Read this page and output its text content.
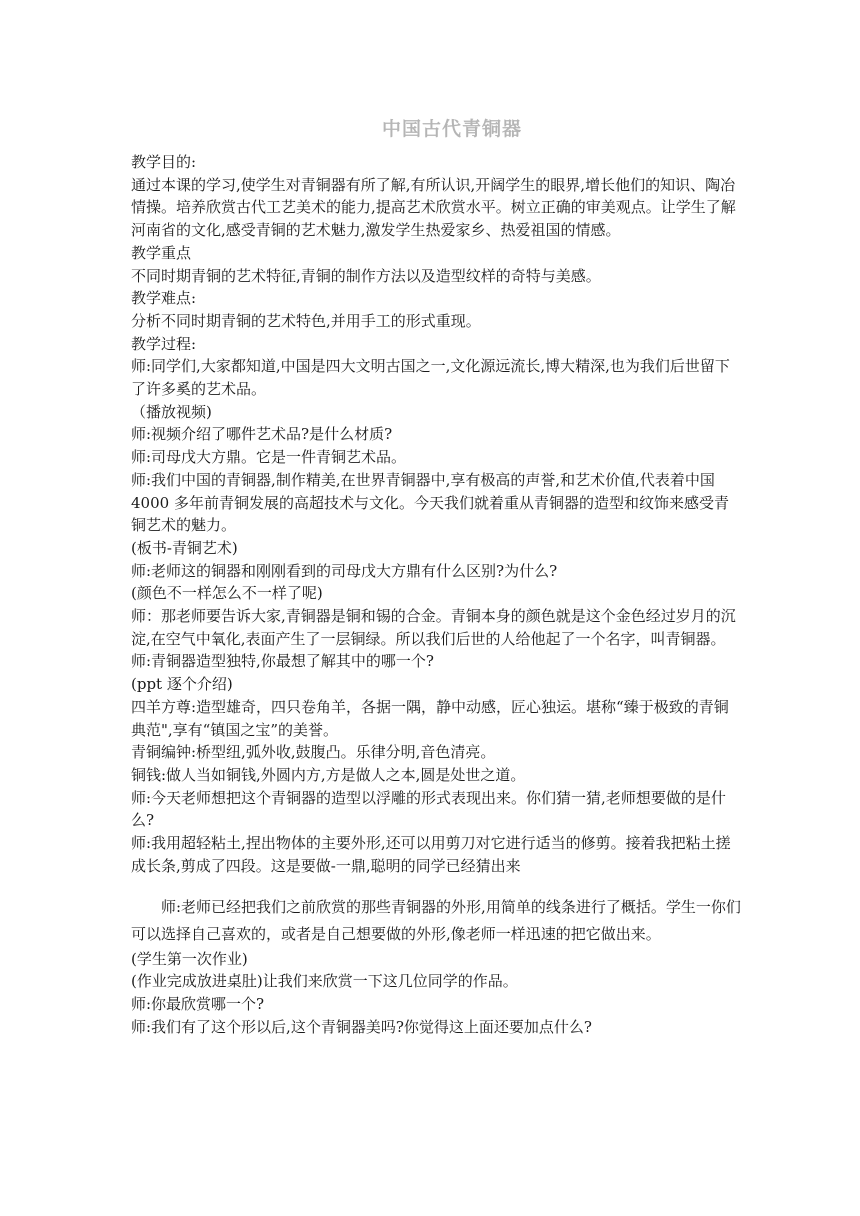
中国古代青铜器

教学目的:

通过本课的学习,使学生对青铜器有所了解,有所认识,开阔学生的眼界,增长他们的知识、陶冶情操。培养欣赏古代工艺美术的能力,提高艺术欣赏水平。树立正确的审美观点。让学生了解河南省的文化,感受青铜的艺术魅力,激发学生热爱家乡、热爱祖国的情感。

教学重点

不同时期青铜的艺术特征,青铜的制作方法以及造型纹样的奇特与美感。

教学难点:

分析不同时期青铜的艺术特色,并用手工的形式重现。

教学过程:

师:同学们,大家都知道,中国是四大文明古国之一,文化源远流长,博大精深,也为我们后世留下了许多奚的艺术品。

（播放视频)

师:视频介绍了哪件艺术品?是什么材质?

师:司母戊大方鼎。它是一件青铜艺术品。

师:我们中国的青铜器,制作精美,在世界青铜器中,享有极高的声誉,和艺术价值,代表着中国 4000 多年前青铜发展的高超技术与文化。今天我们就着重从青铜器的造型和纹饰来感受青铜艺术的魅力。

(板书-青铜艺术)

师:老师这的铜器和刚刚看到的司母戊大方鼎有什么区别?为什么?

(颜色不一样怎么不一样了呢)

师：那老师要告诉大家,青铜器是铜和锡的合金。青铜本身的颜色就是这个金色经过岁月的沉淀,在空气中氧化,表面产生了一层铜绿。所以我们后世的人给他起了一个名字，叫青铜器。

师:青铜器造型独特,你最想了解其中的哪一个?

(ppt 逐个介绍)

四羊方尊:造型雄奇，四只卷角羊，各据一隅，静中动感，匠心独运。堪称“臻于极致的青铜典范",享有“镇国之宝”的美誉。

青铜编钟:桥型纽,弧外收,鼓腹凸。乐律分明,音色清亮。

铜钱:做人当如铜钱,外圆内方,方是做人之本,圆是处世之道。

师:今天老师想把这个青铜器的造型以浮雕的形式表现出来。你们猜一猜,老师想要做的是什么?

师:我用超轻粘土,捏出物体的主要外形,还可以用剪刀对它进行适当的修剪。接着我把粘土搓成长条,剪成了四段。这是要做-一鼎,聪明的同学已经猜出来

师:老师已经把我们之前欣赏的那些青铜器的外形,用简单的线条进行了概括。学生一你们可以选择自己喜欢的，或者是自己想要做的外形,像老师一样迅速的把它做出来。

(学生第一次作业)

(作业完成放进桌肚)让我们来欣赏一下这几位同学的作品。

师:你最欣赏哪一个?

师:我们有了这个形以后,这个青铜器美吗?你觉得这上面还要加点什么?
